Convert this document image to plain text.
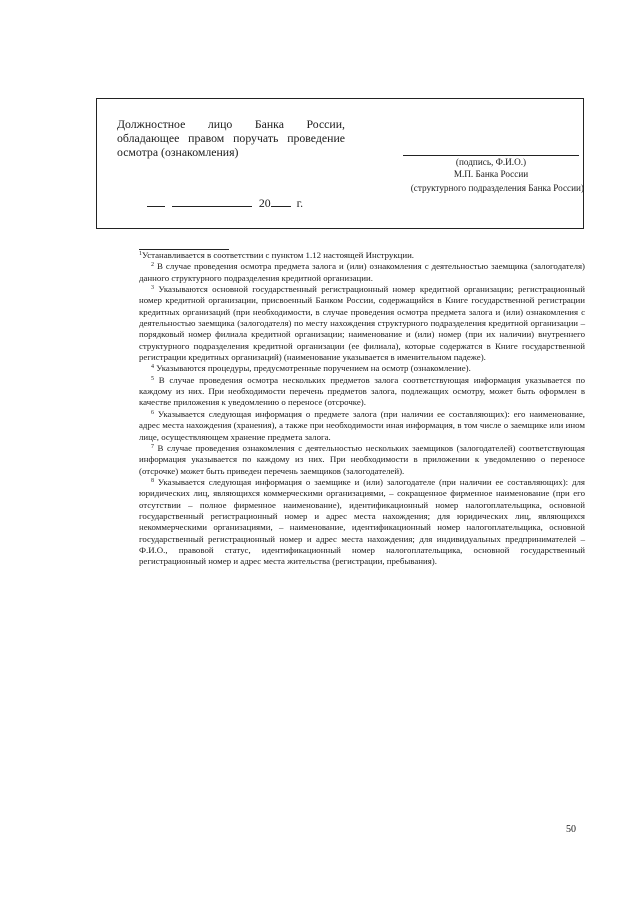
Должностное лицо Банка России,
обладающее правом поручать проведение
осмотра (ознакомления)
(подпись, Ф.И.О.)
М.П. Банка России
(структурного подразделения Банка России)
20 г.

$^1$Устанавливается в соответствии с пунктом 1.12 настоящей Инструкции.

$^2$ В случае проведения осмотра предмета залога и (или) ознакомления с деятельностью заемщика (залогодателя) данного структурного подразделения кредитной организации.

$^3$ Указываются основной государственный регистрационный номер кредитной организации; регистрационный номер кредитной организации, присвоенный Банком России, содержащийся в Книге государственной регистрации кредитных организаций (при необходимости, в случае проведения осмотра предмета залога и (или) ознакомления с деятельностью заемщика (залогодателя) по месту нахождения структурного подразделения кредитной организации – порядковый номер филиала кредитной организации; наименование и (или) номер (при их наличии) внутреннего структурного подразделения кредитной организации (ее филиала), которые содержатся в Книге государственной регистрации кредитных организаций) (наименование указывается в именительном падеже).

$^4$ Указываются процедуры, предусмотренные поручением на осмотр (ознакомление).

$^5$ В случае проведения осмотра нескольких предметов залога соответствующая информация указывается по каждому из них. При необходимости перечень предметов залога, подлежащих осмотру, может быть оформлен в качестве приложения к уведомлению о переносе (отсрочке).

$^6$ Указывается следующая информация о предмете залога (при наличии ее составляющих): его наименование, адрес места нахождения (хранения), а также при необходимости иная информация, в том числе о заемщике или ином лице, осуществляющем хранение предмета залога.

$^7$ В случае проведения ознакомления с деятельностью нескольких заемщиков (залогодателей) соответствующая информация указывается по каждому из них. При необходимости в приложении к уведомлению о переносе (отсрочке) может быть приведен перечень заемщиков (залогодателей).

$^8$ Указывается следующая информация о заемщике и (или) залогодателе (при наличии ее составляющих): для юридических лиц, являющихся коммерческими организациями, – сокращенное фирменное наименование (при его отсутствии – полное фирменное наименование), идентификационный номер налогоплательщика, основной государственный регистрационный номер и адрес места нахождения; для юридических лиц, являющихся некоммерческими организациями, – наименование, идентификационный номер налогоплательщика, основной государственный регистрационный номер и адрес места нахождения; для индивидуальных предпринимателей – Ф.И.О., правовой статус, идентификационный номер налогоплательщика, основной государственный регистрационный номер и адрес места жительства (регистрации, пребывания).

50
